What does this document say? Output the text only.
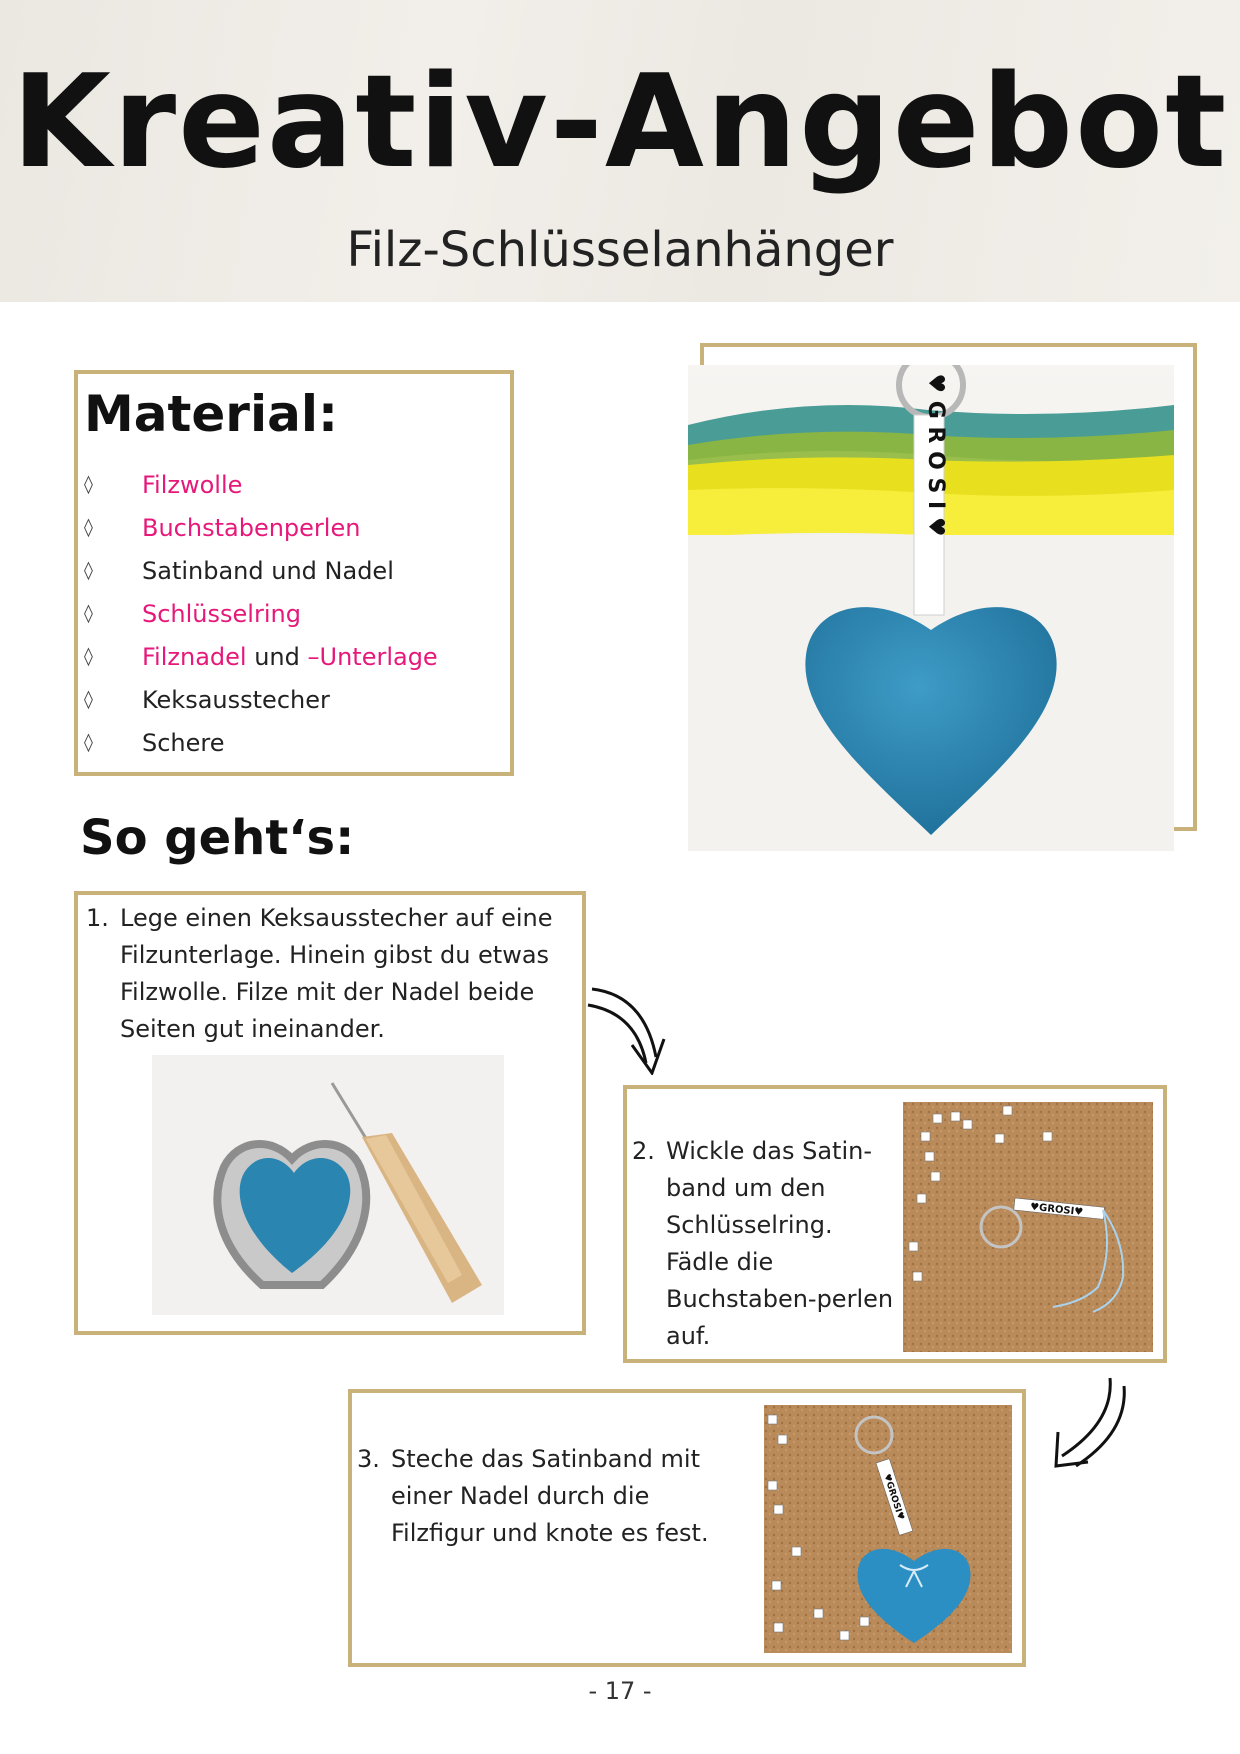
Kreativ-Angebot

Filz-Schlüsselanhänger

Material:
◊	Filzwolle
◊	Buchstabenperlen
◊	Satinband und Nadel
◊	Schlüsselring
◊	Filznadel und –Unterlage
◊	Keksausstecher
◊	Schere
♥ G R O S I ♥
So geht‘s:
1. Lege einen Keksausstecher auf eine Filzunterlage. Hinein gibst du etwas Filzwolle. Filze mit der Nadel beide Seiten gut ineinander.
2. Wickle das Satin-band um den Schlüsselring. Fädle die Buchstaben-perlen auf.
♥GROSI♥
3. Steche das Satinband mit einer Nadel durch die Filzfigur und knote es fest.
♥GROSI♥
- 17 -
